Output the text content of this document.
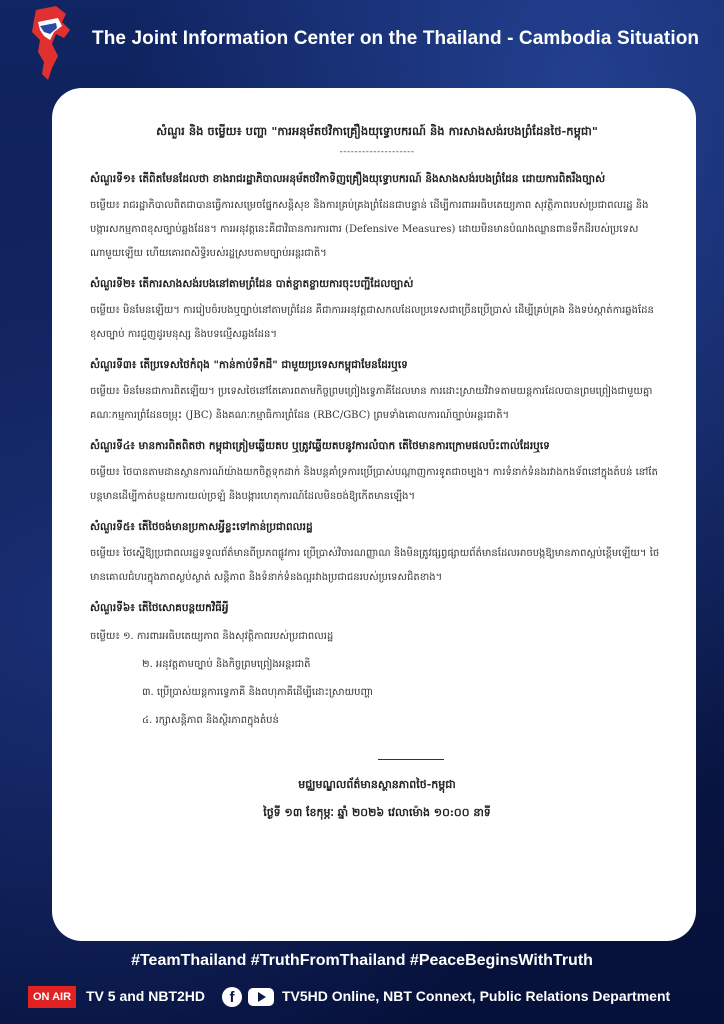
The Joint Information Center on the Thailand - Cambodia Situation
សំណួរ និង ចម្លើយ៖ បញ្ហា "ការអនុម័តថវិកាគ្រឿងយុទ្ធោបករណ៍ និង ការសាងសង់របងព្រំដែនថៃ-កម្ពុជា"
--------------------
សំណួរទី១៖ តើពិតមែនដែលថា ខាងរាជរដ្ឋាភិបាលអនុម័តថវិកាទិញគ្រឿងយុទ្ធោបករណ៍ និងសាងសង់របងព្រំដែន ដោយការពិតរឹងច្បាស់
ចម្លើយ៖ រាជរដ្ឋាភិបាលពិតជាបានធ្វើការសម្រេចផ្នែកសន្តិសុខ និងការគ្រប់គ្រងព្រំដែនជាបន្ទាន់ ដើម្បីការពារអធិបតេយ្យភាព សុវត្ថិភាពរបស់ប្រជាពលរដ្ឋ និងបង្ការសកម្មភាពខុសច្បាប់ឆ្លងដែន។ ការអនុវត្តនេះគឺជាវិធានការការពារ (Defensive Measures) ដោយមិនមានបំណងឈ្លានពានទឹកដីរបស់ប្រទេសណាមួយឡើយ ហើយគោរពសិទ្ធិរបស់រដ្ឋស្របតាមច្បាប់អន្តរជាតិ។
សំណួរទី២៖ តើការសាងសង់របងនៅតាមព្រំដែន បាត់ខ្ចាតខ្ចាយការចុះបញ្ជីដែលច្បាស់
ចម្លើយ៖ មិនមែនឡើយ។ ការរៀបចំរបងឬច្បាប់នៅតាមព្រំដែន គឺជាការអនុវត្តជាសកលដែលប្រទេសជាច្រើនប្រើប្រាស់ ដើម្បីគ្រប់គ្រង និងទប់ស្កាត់ការឆ្លងដែនខុសច្បាប់ ការជួញដូរមនុស្ស និងបទល្មើសឆ្លងដែន។
សំណួរទី៣៖ តើប្រទេសថៃកំពុង "កាន់កាប់ទឹកដី" ជាមួយប្រទេសកម្ពុជាមែនដែរឬទេ
ចម្លើយ៖ មិនមែនជាការពិតឡើយ។ ប្រទេសថៃនៅតែគោរពតាមកិច្ចព្រមព្រៀងទ្វេភាគីដែលមាន ការដោះស្រាយវិវាទតាមយន្តការដែលបានព្រមព្រៀងជាមួយគ្នា គណៈកម្មការព្រំដែនចម្រុះ (JBC) និងគណៈកម្មាធិការព្រំដែន (RBC/GBC) ព្រមទាំងគោលការណ៍ច្បាប់អន្តរជាតិ។
សំណួរទី៤៖ មានការពិតពិតថា កម្ពុជាត្រៀមឆ្លើយតប ឬត្រូវឆ្លើយតបនូវការលំបាក តើថៃមានការក្រោមផលប៉ះពាល់ដែរឬទេ
ចម្លើយ៖ ថៃបានតាមដានស្ថានការណ៍យ៉ាងយកចិត្តទុកដាក់ និងបន្តគាំទ្រការប្រើប្រាស់បណ្តាញការទូតជាចម្បង។ ការទំនាក់ទំនងរវាងកងទ័ពនៅក្នុងតំបន់ នៅតែបន្តមានដើម្បីកាត់បន្ថយការយល់ច្រឡំ និងបង្ការហេតុការណ៍ដែលមិនចង់ឱ្យកើតមានឡើង។
សំណួរទី៥៖ តើថៃចង់មានប្រកាសអ្វីខ្លះទៅកាន់ប្រជាពលរដ្ឋ
ចម្លើយ៖ ថៃស្នើឱ្យប្រជាពលរដ្ឋទទួលព័ត៌មានពីប្រភពផ្លូវការ ប្រើប្រាស់វិចារណញ្ញាណ និងមិនត្រូវផ្សព្វផ្សាយព័ត៌មានដែលអាចបង្កឱ្យមានភាពស្អប់ខ្ពើមឡើយ។ ថៃមានគោលជំហរក្នុងភាពស្ងប់ស្ងាត់ សន្តិភាព និងទំនាក់ទំនងល្អរវាងប្រជាជនរបស់ប្រទេសជិតខាង។
សំណួរទី៦៖ តើថៃសោគបន្តយកវិធីអ្វី
ចម្លើយ៖ ១. ការពារអធិបតេយ្យភាព និងសុវត្ថិភាពរបស់ប្រជាពលរដ្ឋ
២. អនុវត្តតាមច្បាប់ និងកិច្ចព្រមព្រៀងអន្តរជាតិ
៣. ប្រើប្រាស់យន្តការទ្វេភាគី និងពហុភាគីដើម្បីដោះស្រាយបញ្ហា
៤. រក្សាសន្តិភាព និងស្ថិរភាពក្នុងតំបន់
មជ្ឈមណ្ឌលព័ត៌មានស្ថានភាពថៃ-កម្ពុជា
ថ្ងៃទី ១៣ ខែកុម្ភៈ ឆ្នាំ ២០២៦ វេលាម៉ោង ១០:០០ នាទី
#TeamThailand #TruthFromThailand #PeaceBeginsWithTruth
ON AIR	TV 5 and NBT2HD	f	TV5HD Online, NBT Connext, Public Relations Department
